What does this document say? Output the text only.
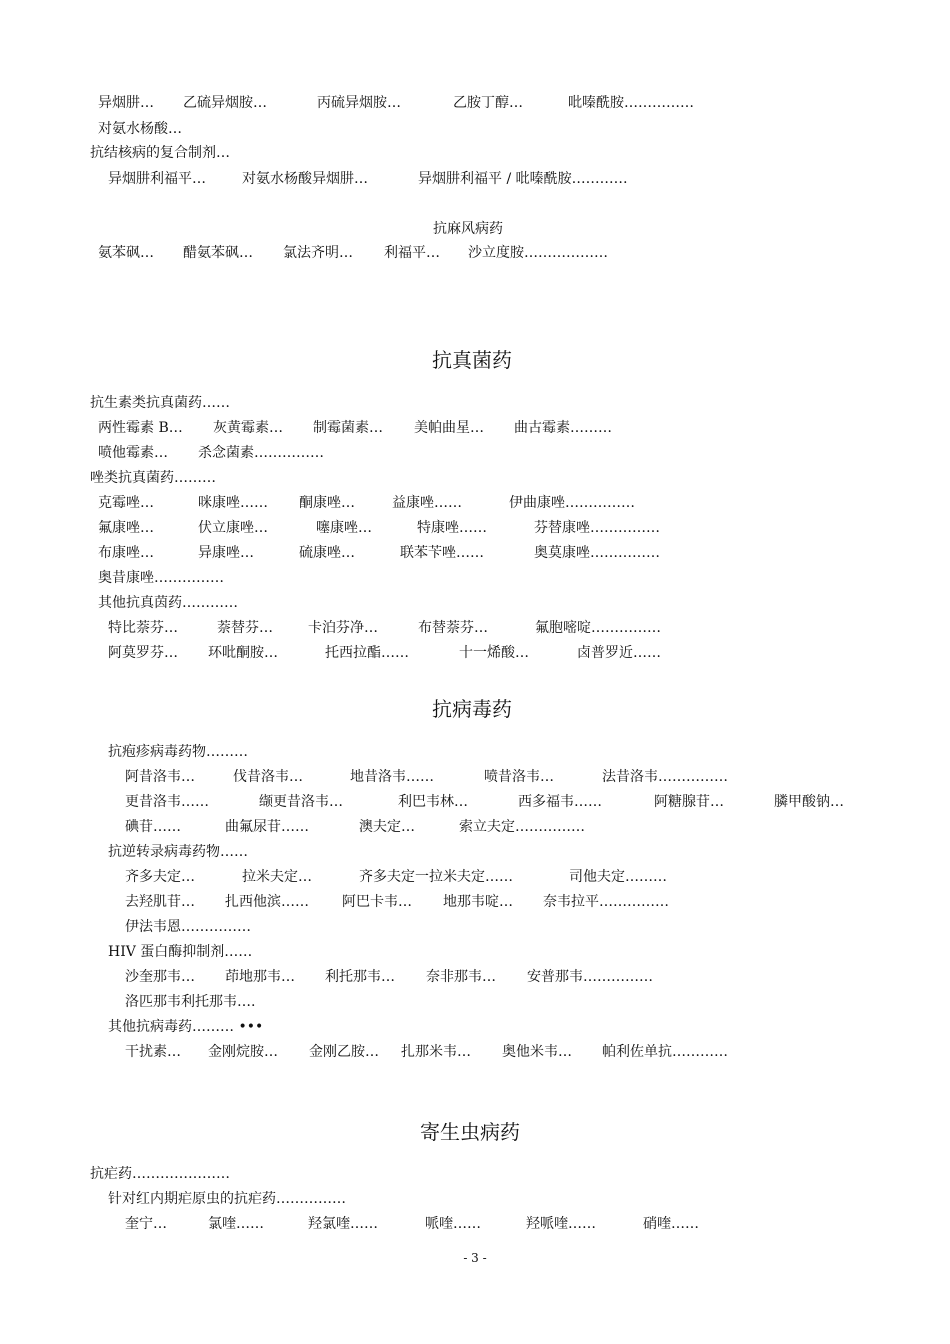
异烟肼… 乙硫异烟胺…	丙硫异烟胺…	乙胺丁醇…	吡嗪酰胺……………
对氨水杨酸…
抗结核病的复合制剂…
异烟肼利福平…	对氨水杨酸异烟肼…	异烟肼利福平 / 吡嗪酰胺…………
抗麻风病药
氨苯砜… 醋氨苯砜… 氯法齐明… 利福平… 沙立度胺………………
抗真菌药
抗生素类抗真菌药……
两性霉素 B… 灰黄霉素… 制霉菌素… 美帕曲星… 曲古霉素………
喷他霉素… 杀念菌素……………
唑类抗真菌药………
克霉唑…	咪康唑…… 酮康唑…	益康唑……	伊曲康唑……………
氟康唑…	伏立康唑…	噻康唑…	特康唑……	芬替康唑……………
布康唑…	异康唑…	硫康唑…	联苯苄唑……	奥莫康唑……………
奥昔康唑……………
其他抗真茵药…………
特比萘芬…	萘替芬…	卡泊芬净…	布替萘芬…	氟胞嘧啶……………
阿莫罗芬… 环吡酮胺…	托西拉酯……	十一烯酸…	卤普罗近……
抗病毒药
抗疱疹病毒药物………
阿昔洛韦…	伐昔洛韦…	地昔洛韦……	喷昔洛韦…	法昔洛韦……………
更昔洛韦……	缬更昔洛韦…	利巴韦林…	西多福韦……	阿糖腺苷…	膦甲酸钠…
碘苷……	曲氟尿苷……	澳夫定…	索立夫定……………
抗逆转录病毒药物……
齐多夫定…	拉米夫定…	齐多夫定一拉米夫定……	司他夫定………
去羟肌苷… 扎西他滨…… 阿巴卡韦… 地那韦啶… 奈韦拉平……………
伊法韦恩……………
HIV 蛋白酶抑制剂……
沙奎那韦… 茚地那韦… 利托那韦… 奈非那韦… 安普那韦……………
洛匹那韦利托那韦….
其他抗病毒药……… •••
干扰素… 金刚烷胺… 金刚乙胺… 扎那米韦… 奥他米韦… 帕利佐单抗…………
寄生虫病药
抗疟药…………………
针对红内期疟原虫的抗疟药……………
奎宁…	氯喹……	羟氯喹……	哌喹……	羟哌喹……	硝喹……
- 3 -
